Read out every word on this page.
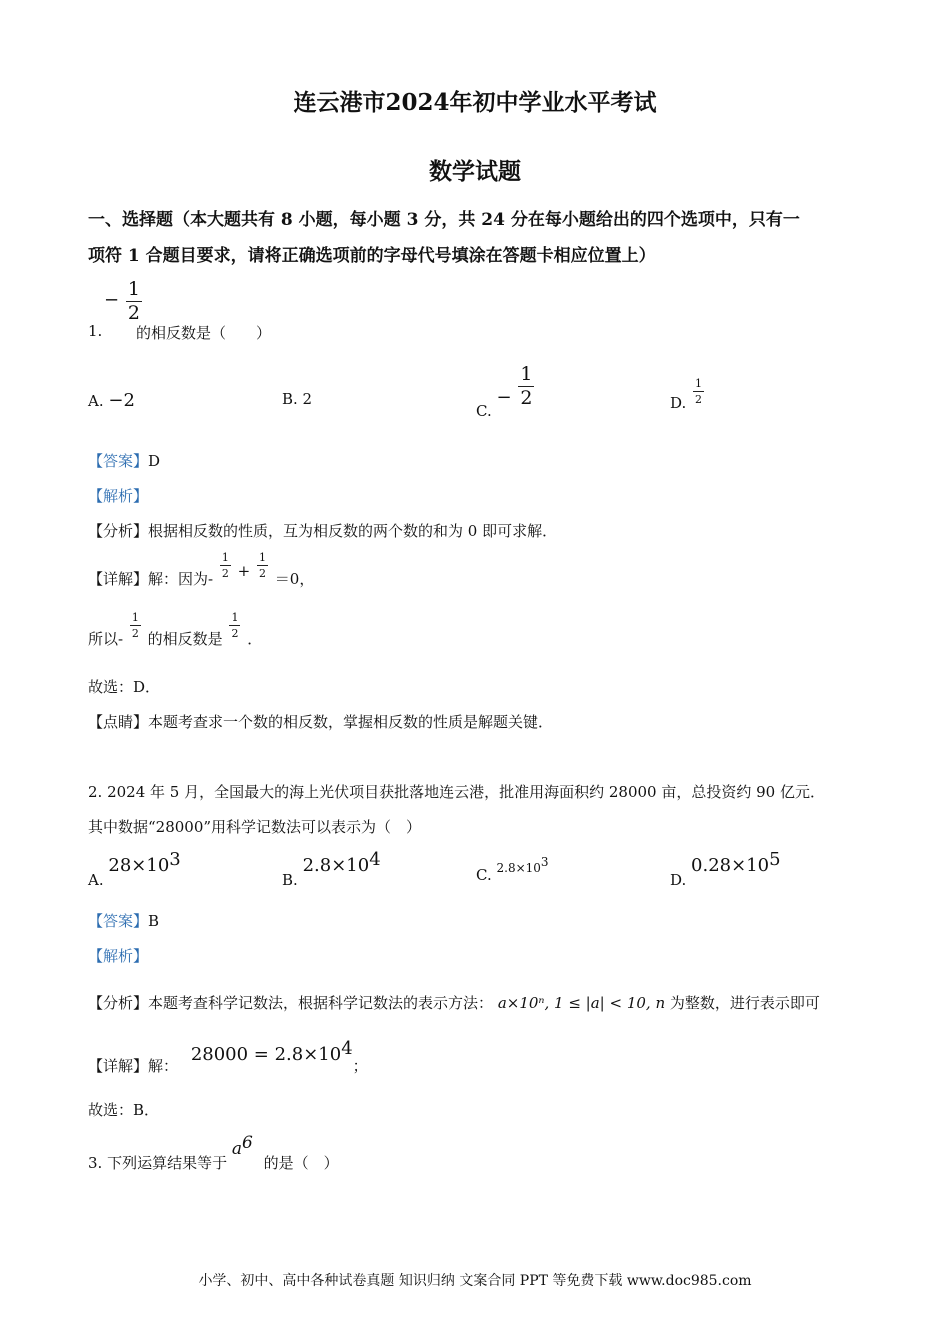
连云港市2024年初中学业水平考试
数学试题
一、选择题（本大题共有 8 小题，每小题 3 分，共 24 分在每小题给出的四个选项中，只有一
项符 1 合题目要求，请将正确选项前的字母代号填涂在答题卡相应位置上）
− $\frac{1}{2}$
1. 的相反数是（　　）
A. −2	B. 2
C. − $\frac{1}{2}$	D. $\frac{1}{2}$
【答案】D
【解析】
【分析】根据相反数的性质，互为相反数的两个数的和为 0 即可求解．
【详解】解：因为- $\frac{1}{2} + \frac{1}{2} =0$，
所以- $\frac{1}{2}$ 的相反数是 $\frac{1}{2}$ ．
故选：D．
【点睛】本题考查求一个数的相反数，掌握相反数的性质是解题关键．
2. 2024 年 5 月，全国最大的海上光伏项目获批落地连云港，批准用海面积约 28000 亩，总投资约 90 亿元．
其中数据“28000”用科学记数法可以表示为（　）
A. $28\times 10^3$
B. $2.8\times 10^4$
C. $2.8\times 10^3$
D. $0.28\times 10^5$
【答案】B
【解析】
【分析】本题考查科学记数法，根据科学记数法的表示方法： a×10ⁿ, 1 ≤ |a| < 10, n 为整数，进行表示即可
【详解】解： $28000 = 2.8\times 10^4$；
故选：B．
3. 下列运算结果等于 $a^6$ 的是（　）
小学、初中、高中各种试卷真题 知识归纳 文案合同 PPT 等免费下载 www.doc985.com
